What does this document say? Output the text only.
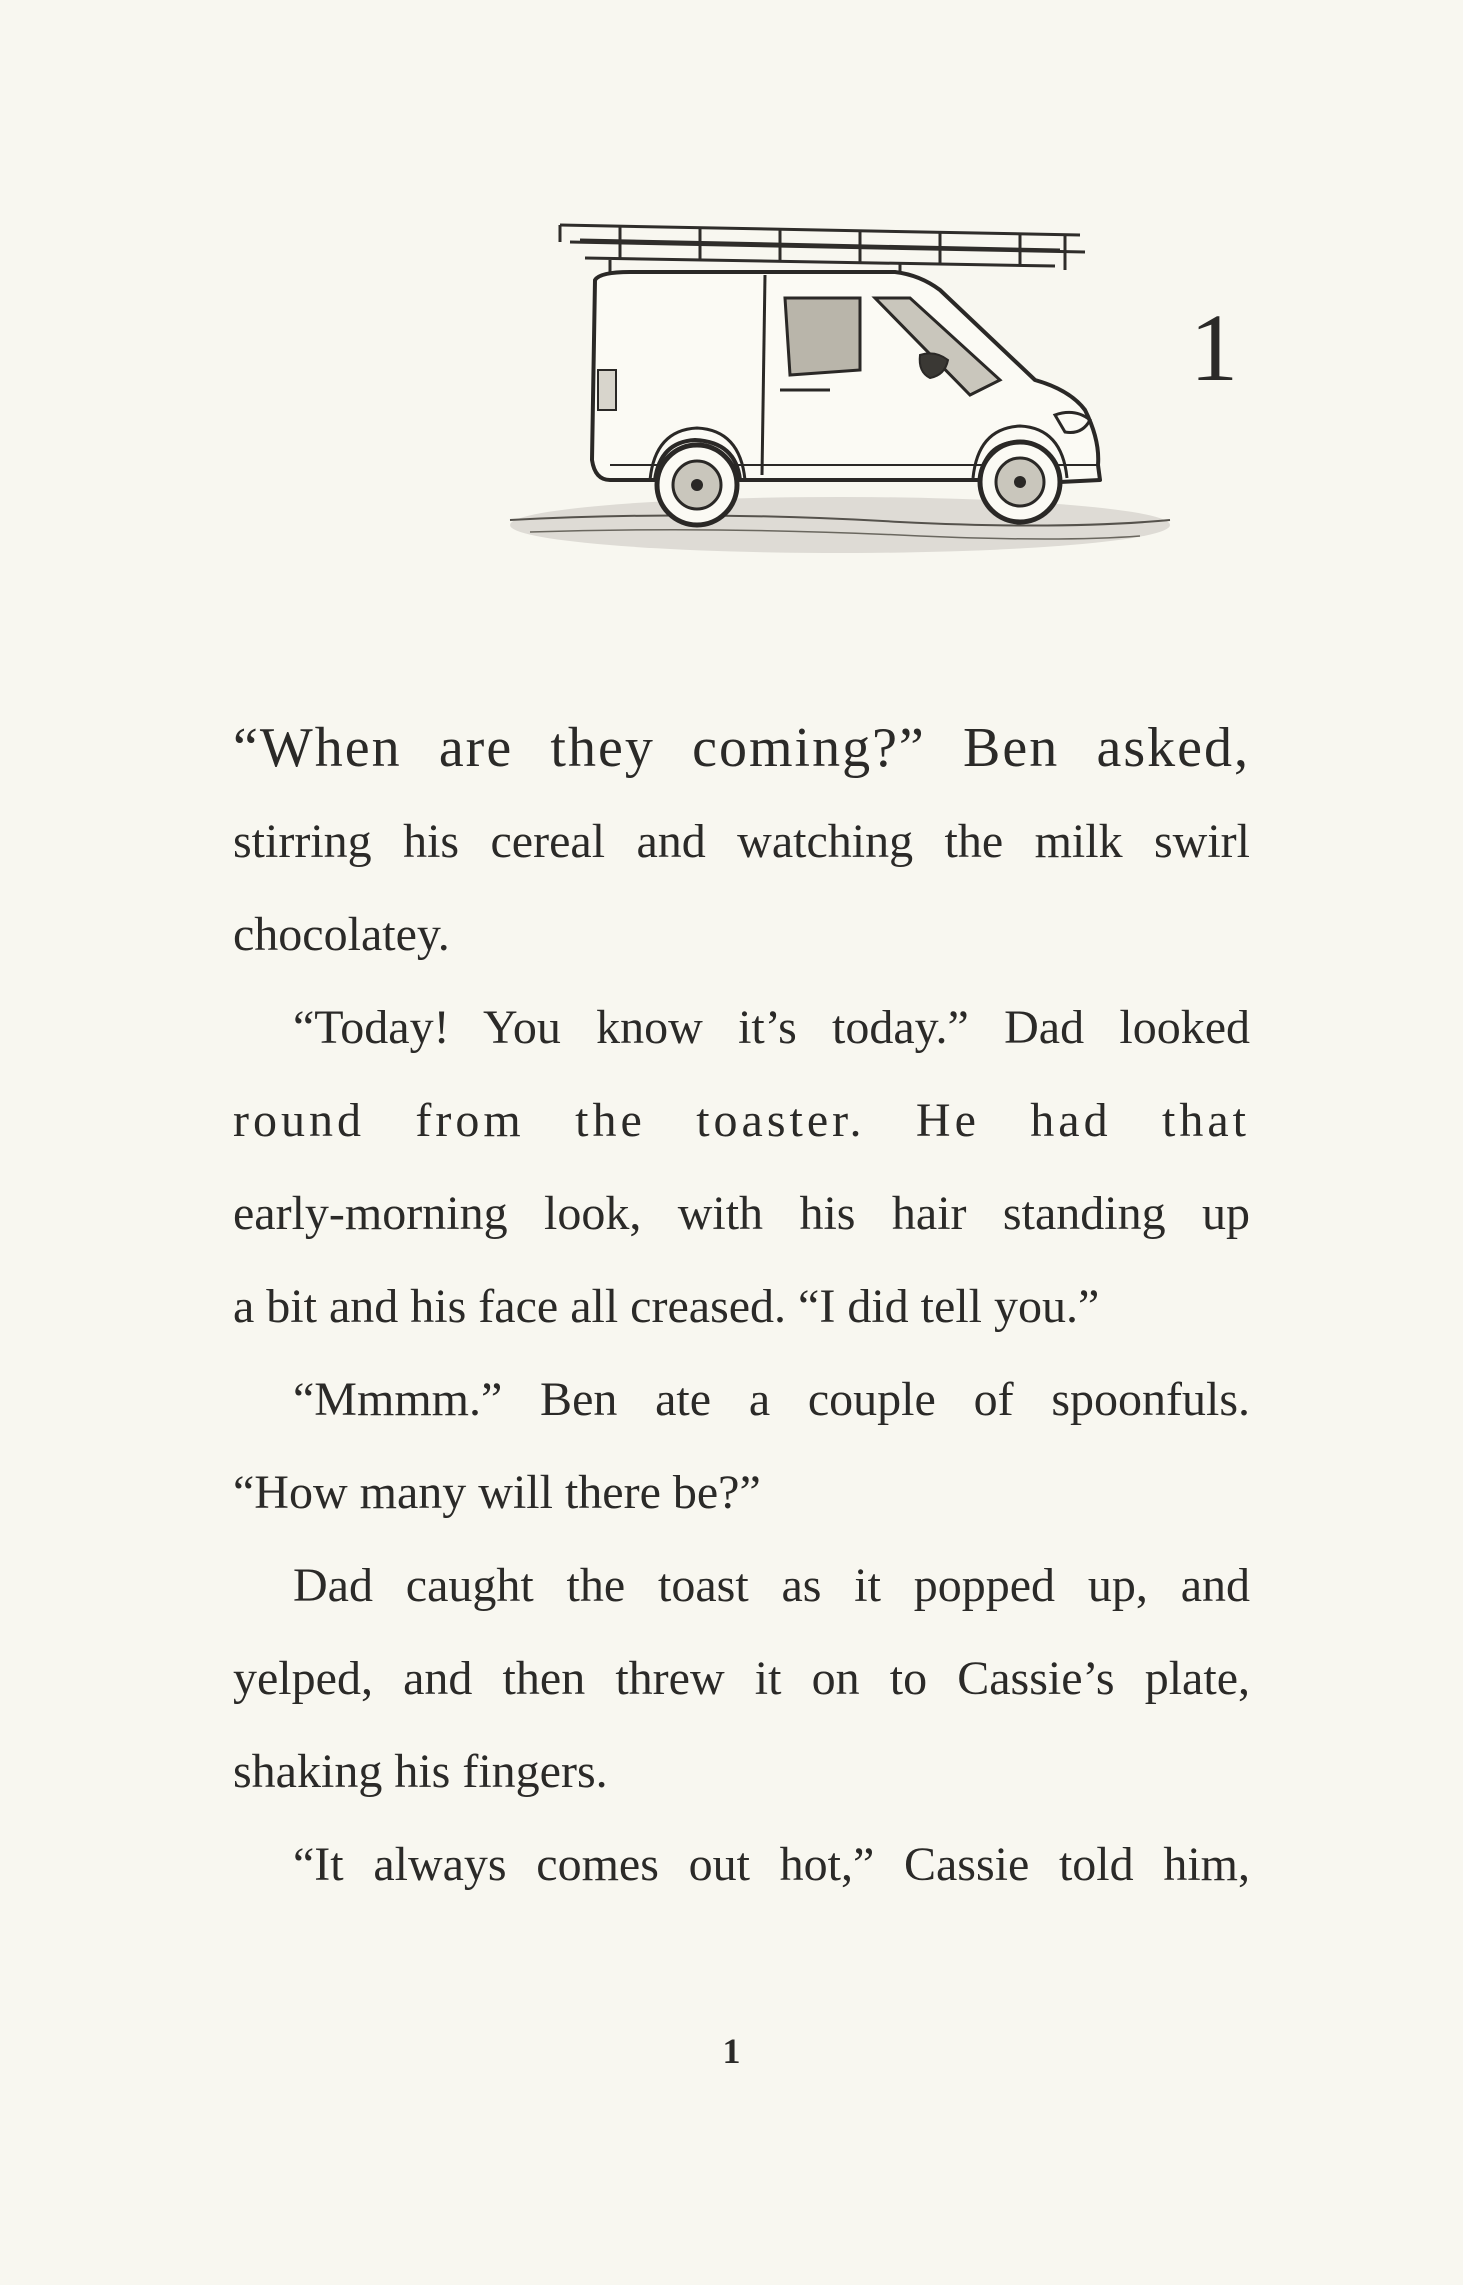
1
“When are they coming?” Ben asked,
stirring his cereal and watching the milk swirl
chocolatey.
“Today! You know it’s today.” Dad looked
round from the toaster. He had that
early-morning look, with his hair standing up
a bit and his face all creased. “I did tell you.”
“Mmmm.” Ben ate a couple of spoonfuls.
“How many will there be?”
Dad caught the toast as it popped up, and
yelped, and then threw it on to Cassie’s plate,
shaking his fingers.
“It always comes out hot,” Cassie told him,
1
